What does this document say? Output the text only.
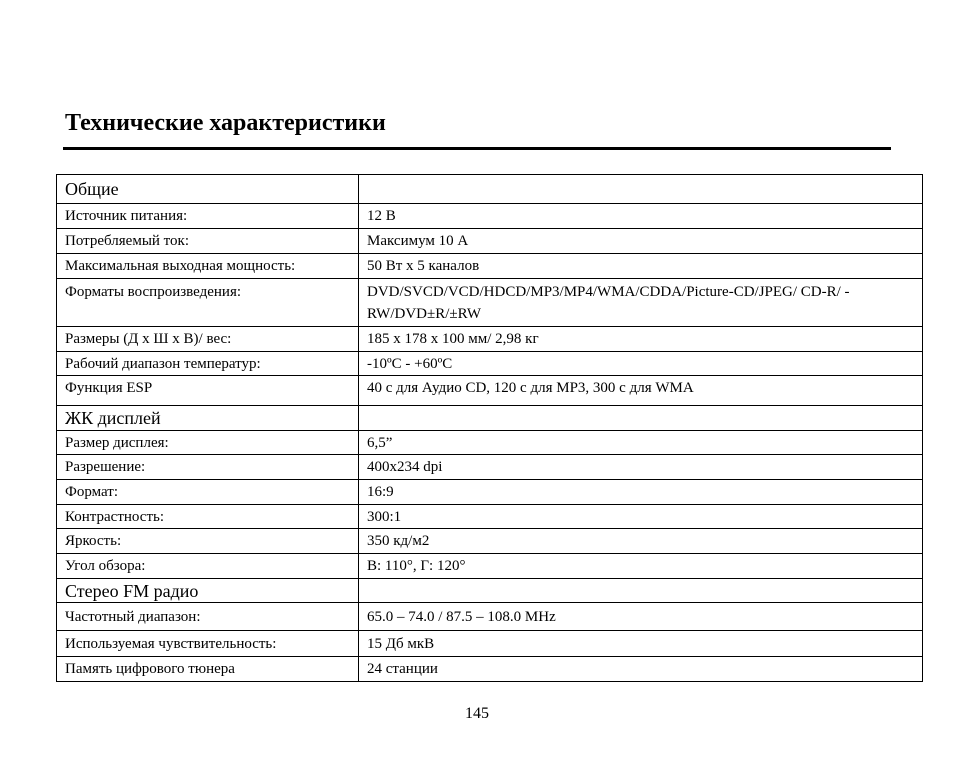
Технические характеристики
Общие	
Источник питания:	12 В
Потребляемый ток:	Максимум 10 А
Максимальная выходная мощность:	50 Вт х 5 каналов
Форматы воспроизведения:	DVD/SVCD/VCD/HDCD/MP3/MP4/WMA/CDDA/Picture-CD/JPEG/ CD-R/ -RW/DVD±R/±RW
Размеры (Д х Ш х В)/ вес:	185 х 178 х 100 мм/ 2,98 кг
Рабочий диапазон температур:	-10ºC - +60ºC
Функция ESP	40 с для Аудио CD, 120 с для MP3, 300 с для WMA
ЖК дисплей	
Размер дисплея:	6,5”
Разрешение:	400x234 dpi
Формат:	16:9
Контрастность:	300:1
Яркость:	350 кд/м2
Угол обзора:	В: 110°, Г: 120°
Стерео FM радио	
Частотный диапазон:	65.0 – 74.0 / 87.5 – 108.0 MHz
Используемая чувствительность:	15 Дб мкВ
Память цифрового тюнера	24 станции
145
